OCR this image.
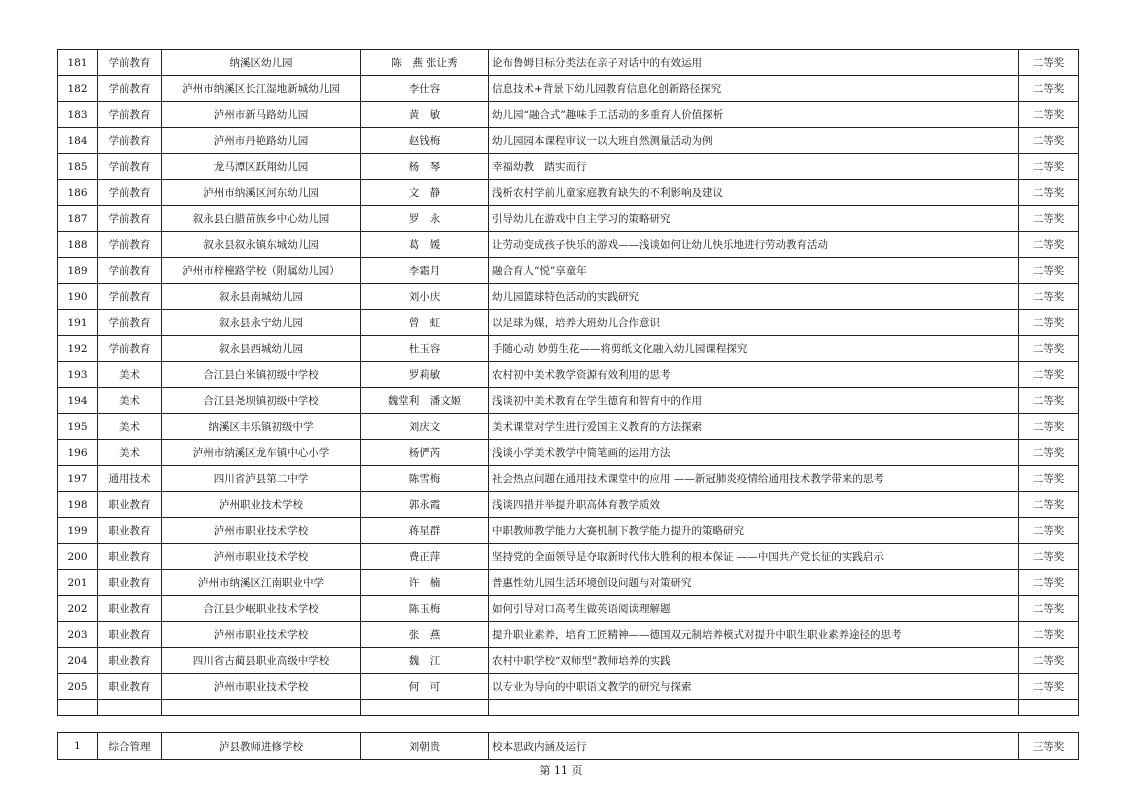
181	学前教育	纳溪区幼儿园	陈　燕 张让秀	论布鲁姆目标分类法在亲子对话中的有效运用	二等奖
182	学前教育	泸州市纳溪区长江湿地新城幼儿园	李仕容	信息技术+背景下幼儿园教育信息化创新路径探究	二等奖
183	学前教育	泸州市新马路幼儿园	黄　敏	幼儿园“融合式”趣味手工活动的多重育人价值探析	二等奖
184	学前教育	泸州市丹艳路幼儿园	赵钱梅	幼儿园园本课程审议一以大班自然测量活动为例	二等奖
185	学前教育	龙马潭区跃翔幼儿园	杨　琴	幸福幼教　踏实而行	二等奖
186	学前教育	泸州市纳溪区河东幼儿园	文　静	浅析农村学前儿童家庭教育缺失的不利影响及建议	二等奖
187	学前教育	叙永县白腊苗族乡中心幼儿园	罗　永	引导幼儿在游戏中自主学习的策略研究	二等奖
188	学前教育	叙永县叙永镇东城幼儿园	葛　媛	让劳动变成孩子快乐的游戏——浅谈如何让幼儿快乐地进行劳动教育活动	二等奖
189	学前教育	泸州市梓橦路学校（附属幼儿园）	李霜月	融合育人“悦”享童年	二等奖
190	学前教育	叙永县南城幼儿园	刘小庆	幼儿园篮球特色活动的实践研究	二等奖
191	学前教育	叙永县永宁幼儿园	曾　虹	以足球为媒，培养大班幼儿合作意识	二等奖
192	学前教育	叙永县西城幼儿园	杜玉容	手随心动 妙剪生花——将剪纸文化融入幼儿园课程探究	二等奖
193	美术	合江县白米镇初级中学校	罗莉敏	农村初中美术教学资源有效利用的思考	二等奖
194	美术	合江县尧坝镇初级中学校	魏堂利　潘文姬	浅谈初中美术教育在学生德育和智育中的作用	二等奖
195	美术	纳溪区丰乐镇初级中学	刘庆文	美术课堂对学生进行爱国主义教育的方法探索	二等奖
196	美术	泸州市纳溪区龙车镇中心小学	杨俨芮	浅谈小学美术教学中简笔画的运用方法	二等奖
197	通用技术	四川省泸县第二中学	陈雪梅	社会热点问题在通用技术课堂中的应用 ——新冠肺炎疫情给通用技术教学带来的思考	二等奖
198	职业教育	泸州职业技术学校	郭永霞	浅谈四措并举提升职高体育教学质效	二等奖
199	职业教育	泸州市职业技术学校	蒋星群	中职教师教学能力大赛机制下教学能力提升的策略研究	二等奖
200	职业教育	泸州市职业技术学校	费正萍	坚持党的全面领导是夺取新时代伟大胜利的根本保证 ——中国共产党长征的实践启示	二等奖
201	职业教育	泸州市纳溪区江南职业中学	许　楠	普惠性幼儿园生活环境创设问题与对策研究	二等奖
202	职业教育	合江县少岷职业技术学校	陈玉梅	如何引导对口高考生做英语阅读理解题	二等奖
203	职业教育	泸州市职业技术学校	张　燕	提升职业素养，培育工匠精神——德国双元制培养模式对提升中职生职业素养途径的思考	二等奖
204	职业教育	四川省古蔺县职业高级中学校	魏　江	农村中职学校“双师型”教师培养的实践	二等奖
205	职业教育	泸州市职业技术学校	何　可	以专业为导向的中职语文教学的研究与探索	二等奖

1	综合管理	泸县教师进修学校	刘朝贵	校本思政内涵及运行	三等奖
第 11 页
